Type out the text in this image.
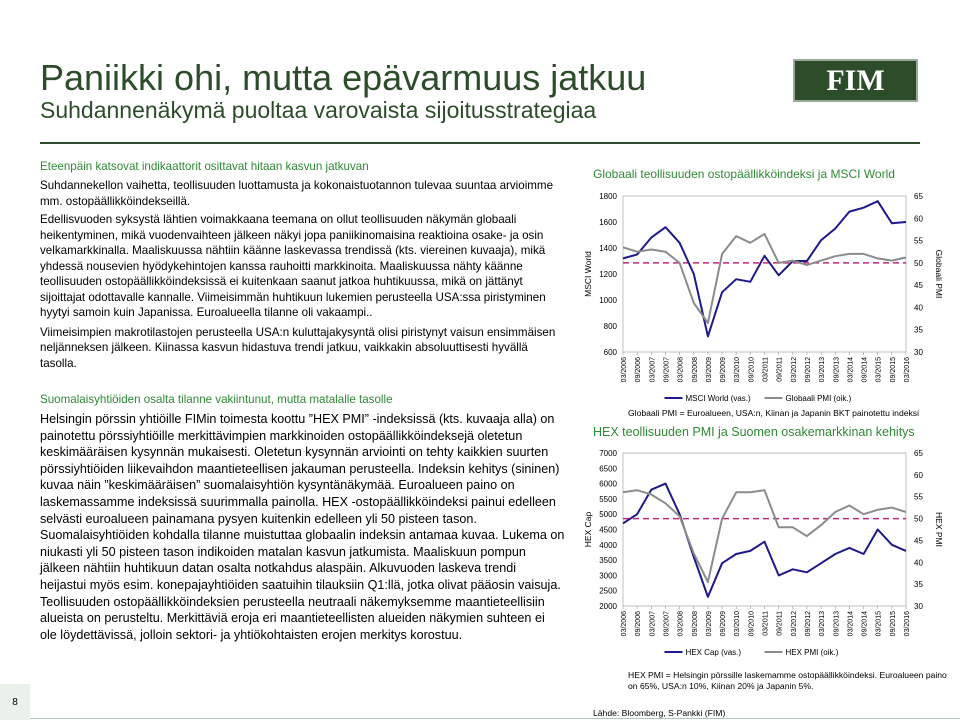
Paniikki ohi, mutta epävarmuus jatkuu
Suhdannenäkymä puoltaa varovaista sijoitusstrategiaa
FIM

Eteenpäin katsovat indikaattorit osittavat hitaan kasvun jatkuvan

Suhdannekellon vaihetta, teollisuuden luottamusta ja kokonaistuotannon tulevaa suuntaa arvioimme mm. ostopäällikköindekseillä.

Edellisvuoden syksystä lähtien voimakkaana teemana on ollut teollisuuden näkymän globaali heikentyminen, mikä vuodenvaihteen jälkeen näkyi jopa paniikinomaisina reaktioina osake- ja osin velkamarkkinalla. Maaliskuussa nähtiin käänne laskevassa trendissä (kts. viereinen kuvaaja), mikä yhdessä nousevien hyödykehintojen kanssa rauhoitti markkinoita. Maaliskuussa nähty käänne teollisuuden ostopäällikköindeksissä ei kuitenkaan saanut jatkoa huhtikuussa, mikä on jättänyt sijoittajat odottavalle kannalle. Viimeisimmän huhtikuun lukemien perusteella USA:ssa piristyminen hyytyi samoin kuin Japanissa. Euroalueella tilanne oli vakaampi..

Viimeisimpien makrotilastojen perusteella USA:n kuluttajakysyntä olisi piristynyt vaisun ensimmäisen neljänneksen jälkeen. Kiinassa kasvun hidastuva trendi jatkuu, vaikkakin absoluuttisesti hyvällä tasolla.

Suomalaisyhtiöiden osalta tilanne vakiintunut, mutta matalalle tasolle

Helsingin pörssin yhtiöille FIMin toimesta koottu ”HEX PMI” -indeksissä (kts. kuvaaja alla) on painotettu pörssiyhtiöille merkittävimpien markkinoiden ostopäällikköindeksejä oletetun keskimääräisen kysynnän mukaisesti. Oletetun kysynnän arviointi on tehty kaikkien suurten pörssiyhtiöiden liikevaihdon maantieteellisen jakauman perusteella. Indeksin kehitys (sininen) kuvaa näin ”keskimääräisen” suomalaisyhtiön kysyntänäkymää. Euroalueen paino on laskemassamme indeksissä suurimmalla painolla. HEX -ostopäällikköindeksi painui edelleen selvästi euroalueen painamana pysyen kuitenkin edelleen yli 50 pisteen tason.

Suomalaisyhtiöiden kohdalla tilanne muistuttaa globaalin indeksin antamaa kuvaa. Lukema on niukasti yli 50 pisteen tason indikoiden matalan kasvun jatkumista. Maaliskuun pompun jälkeen nähtiin huhtikuun datan osalta notkahdus alaspäin. Alkuvuoden laskeva trendi heijastui myös esim. konepajayhtiöiden saatuihin tilauksiin Q1:llä, jotka olivat pääosin vaisuja. Teollisuuden ostopäällikköindeksien perusteella neutraali näkemyksemme maantieteellisiin alueista on perusteltu. Merkittäviä eroja eri maantieteellisten alueiden näkymien suhteen ei ole löydettävissä, jolloin sektori- ja yhtiökohtaisten erojen merkitys korostuu.

Globaali teollisuuden ostopäällikköindeksi ja MSCI World
600
800
1000
1200
1400
1600
1800
30
35
40
45
50
55
60
65
03/2006 09/2006 03/2007 09/2007 03/2008 09/2008 03/2009 09/2009 03/2010 09/2010 03/2011 09/2011 03/2012 09/2012 03/2013 09/2013 03/2014 09/2014 03/2015 09/2015 03/2016
MSCI World	Globaali PMI
MSCI World (vas.)	Globaali PMI (oik.)
Globaali PMI = Euroalueen, USA:n, Kiinan ja Japanin BKT painotettu indeksi
HEX teollisuuden PMI ja Suomen osakemarkkinan kehitys
2000
2500
3000
3500
4000
4500
5000
5500
6000
6500
7000
30
35
40
45
50
55
60
65
03/2006 09/2006 03/2007 09/2007 03/2008 09/2008 03/2009 09/2009 03/2010 09/2010 03/2011 09/2011 03/2012 09/2012 03/2013 09/2013 03/2014 09/2014 03/2015 09/2015 03/2016
HEX Cap	HEX PMI
HEX Cap (vas.)	HEX PMI (oik.)
HEX PMI = Helsingin pörssille laskemamme ostopäällikköindeksi. Euroalueen paino
on 65%, USA:n 10%, Kiinan 20% ja Japanin 5%.
Lähde: Bloomberg, S-Pankki (FIM)
8
